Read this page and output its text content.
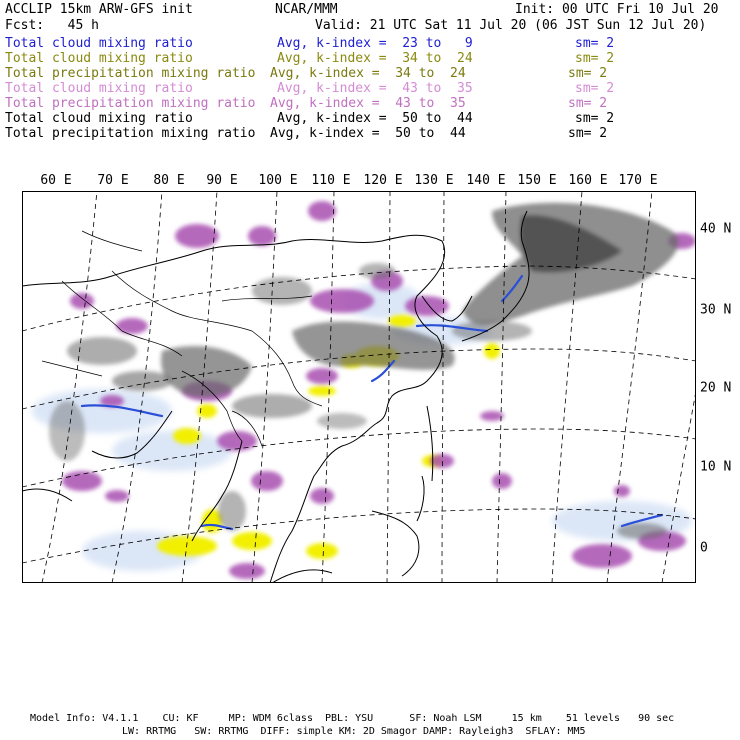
ACCLIP 15km ARW-GFS init	NCAR/MMM	Init: 00 UTC Fri 10 Jul 20
Fcst:   45 h	Valid: 21 UTC Sat 11 Jul 20 (06 JST Sun 12 Jul 20)
Total cloud mixing ratio	Avg, k-index =  23 to   9	sm= 2
Total cloud mixing ratio	Avg, k-index =  34 to  24	sm= 2
Total precipitation mixing ratio Avg, k-index =  34 to  24	sm= 2
Total cloud mixing ratio	Avg, k-index =  43 to  35	sm= 2
Total precipitation mixing ratio Avg, k-index =  43 to  35	sm= 2
Total cloud mixing ratio	Avg, k-index =  50 to  44	sm= 2
Total precipitation mixing ratio Avg, k-index =  50 to  44	sm= 2
60 E 70 E 80 E 90 E 100 E 110 E 120 E 130 E 140 E 150 E 160 E 170 E
40 N
30 N
20 N
10 N
0
Model Info: V4.1.1    CU: KF     MP: WDM 6class  PBL: YSU      SF: Noah LSM     15 km    51 levels   90 sec
LW: RRTMG   SW: RRTMG  DIFF: simple KM: 2D Smagor DAMP: Rayleigh3  SFLAY: MM5
